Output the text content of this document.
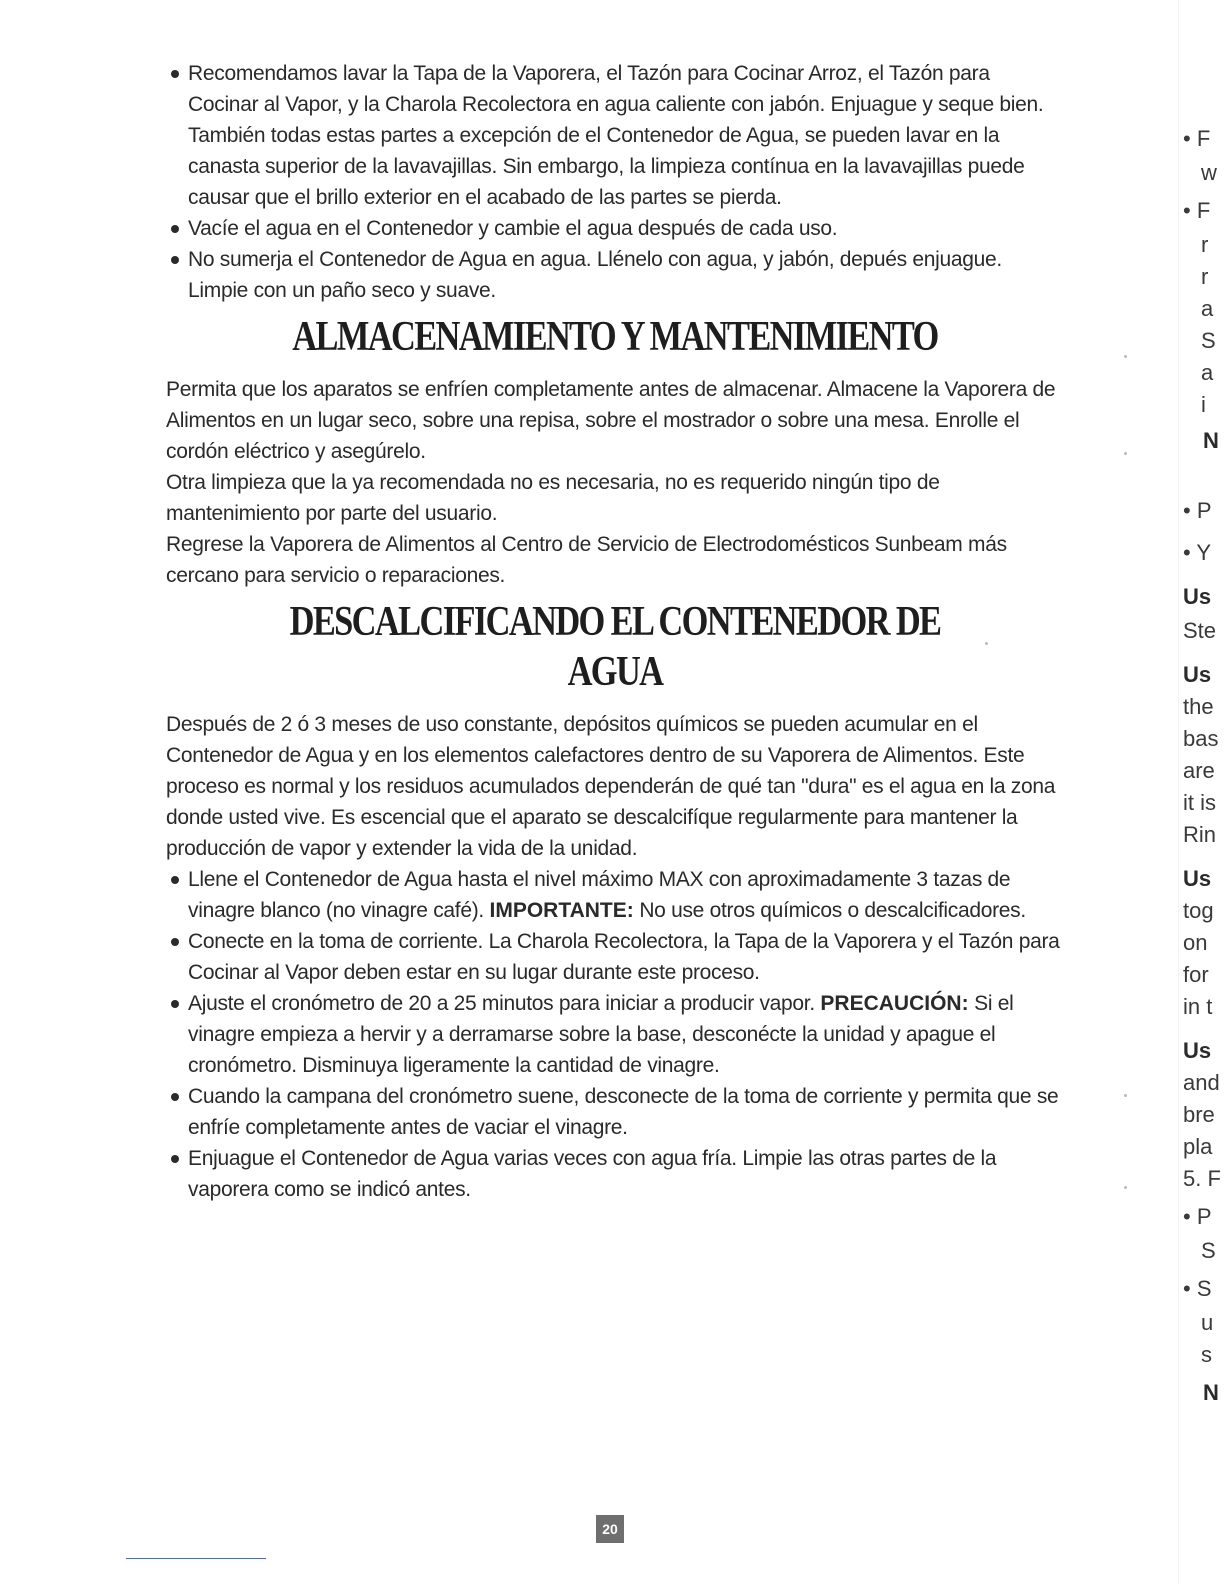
Recomendamos lavar la Tapa de la Vaporera, el Tazón para Cocinar Arroz, el Tazón para Cocinar al Vapor, y la Charola Recolectora en agua caliente con jabón. Enjuague y seque bien. También todas estas partes a excepción de el Contenedor de Agua, se pueden lavar en la canasta superior de la lavavajillas. Sin embargo, la limpieza contínua en la lavavajillas puede causar que el brillo exterior en el acabado de las partes se pierda.

Vacíe el agua en el Contenedor y cambie el agua después de cada uso.

No sumerja el Contenedor de Agua en agua. Llénelo con agua, y jabón, depués enjuague. Limpie con un paño seco y suave.

ALMACENAMIENTO Y MANTENIMIENTO

Permita que los aparatos se enfríen completamente antes de almacenar. Almacene la Vaporera de Alimentos en un lugar seco, sobre una repisa, sobre el mostrador o sobre una mesa. Enrolle el cordón eléctrico y asegúrelo.

Otra limpieza que la ya recomendada no es necesaria, no es requerido ningún tipo de mantenimiento por parte del usuario.

Regrese la Vaporera de Alimentos al Centro de Servicio de Electrodomésticos Sunbeam más cercano para servicio o reparaciones.

DESCALCIFICANDO EL CONTENEDOR DE AGUA

Después de 2 ó 3 meses de uso constante, depósitos químicos se pueden acumular en el Contenedor de Agua y en los elementos calefactores dentro de su Vaporera de Alimentos. Este proceso es normal y los residuos acumulados dependerán de qué tan "dura" es el agua en la zona donde usted vive. Es escencial que el aparato se descalcifíque regularmente para mantener la producción de vapor y extender la vida de la unidad.

Llene el Contenedor de Agua hasta el nivel máximo MAX con aproximadamente 3 tazas de vinagre blanco (no vinagre café). IMPORTANTE: No use otros químicos o descalcificadores.

Conecte en la toma de corriente. La Charola Recolectora, la Tapa de la Vaporera y el Tazón para Cocinar al Vapor deben estar en su lugar durante este proceso.

Ajuste el cronómetro de 20 a 25 minutos para iniciar a producir vapor. PRECAUCIÓN: Si el vinagre empieza a hervir y a derramarse sobre la base, desconécte la unidad y apague el cronómetro. Disminuya ligeramente la cantidad de vinagre.

Cuando la campana del cronómetro suene, desconecte de la toma de corriente y permita que se enfríe completamente antes de vaciar el vinagre.

Enjuague el Contenedor de Agua varias veces con agua fría. Limpie las otras partes de la vaporera como se indicó antes.

20
• F
w
• F
r
r
a
S
a
i
N
• P
• Y
Us
Ste
Us
the
bas
are
it is
Rin
Us
tog
on
for
in t
Us
and
bre
pla
5. F
• P
S
• S
u
s
N
